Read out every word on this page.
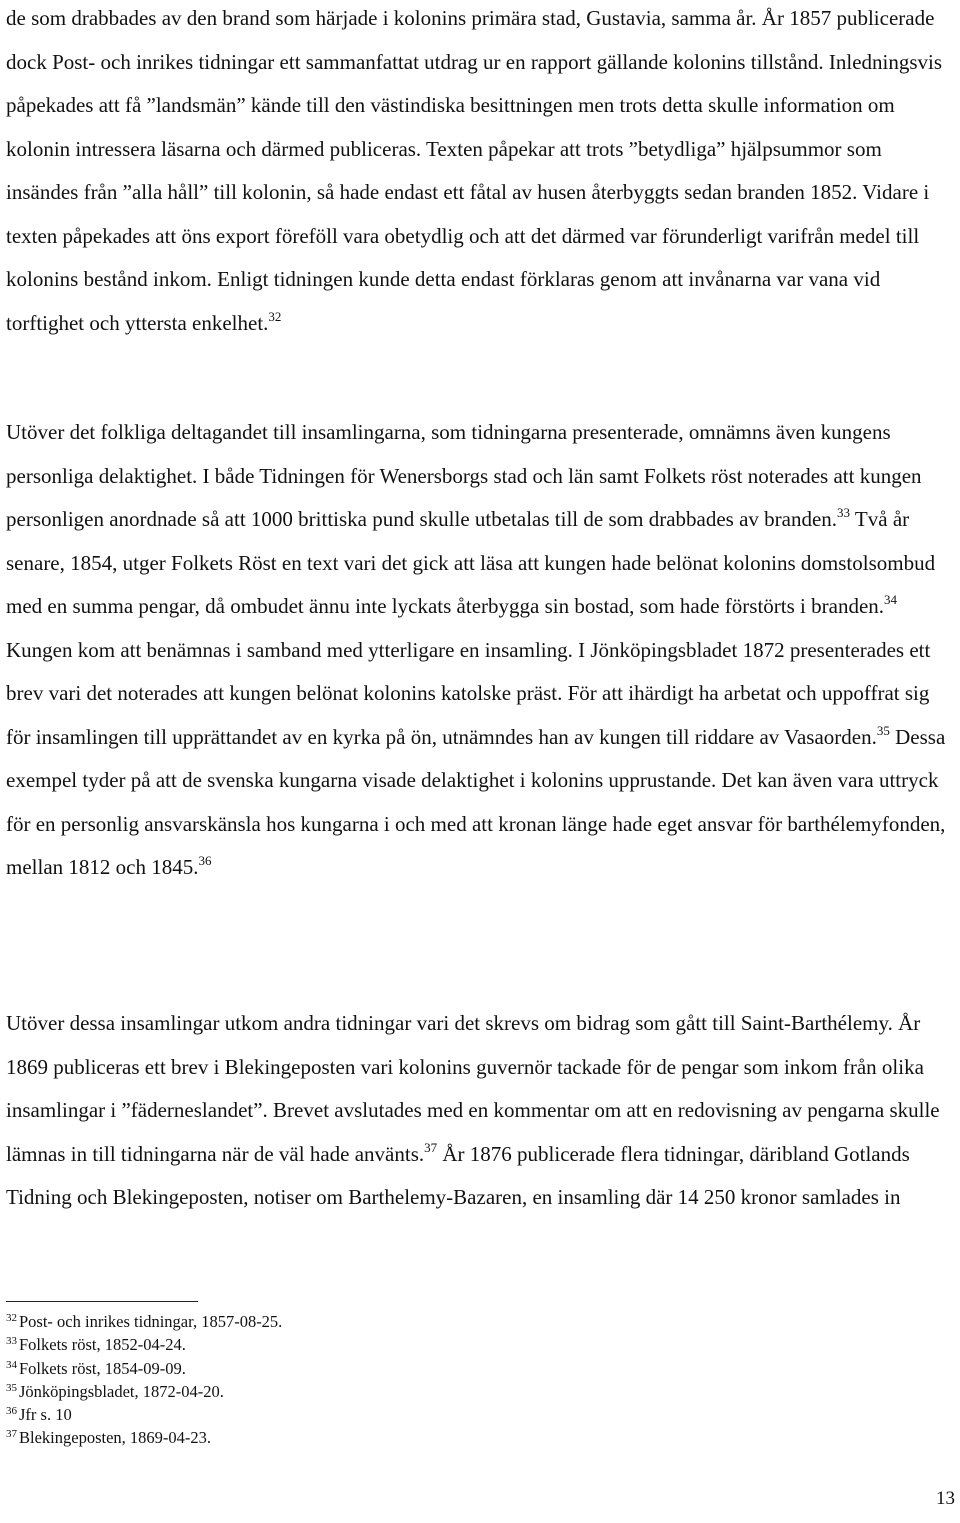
de som drabbades av den brand som härjade i kolonins primära stad, Gustavia, samma år. År 1857 publicerade dock Post- och inrikes tidningar ett sammanfattat utdrag ur en rapport gällande kolonins tillstånd. Inledningsvis påpekades att få ”landsmän” kände till den västindiska besittningen men trots detta skulle information om kolonin intressera läsarna och därmed publiceras. Texten påpekar att trots ”betydliga” hjälpsummor som insändes från ”alla håll” till kolonin, så hade endast ett fåtal av husen återbyggts sedan branden 1852. Vidare i texten påpekades att öns export föreföll vara obetydlig och att det därmed var förunderligt varifrån medel till kolonins bestånd inkom. Enligt tidningen kunde detta endast förklaras genom att invånarna var vana vid torftighet och yttersta enkelhet.$^{32}$

Utöver det folkliga deltagandet till insamlingarna, som tidningarna presenterade, omnämns även kungens personliga delaktighet. I både Tidningen för Wenersborgs stad och län samt Folkets röst noterades att kungen personligen anordnade så att 1000 brittiska pund skulle utbetalas till de som drabbades av branden.$^{33}$ Två år senare, 1854, utger Folkets Röst en text vari det gick att läsa att kungen hade belönat kolonins domstolsombud med en summa pengar, då ombudet ännu inte lyckats återbygga sin bostad, som hade förstörts i branden.$^{34}$ Kungen kom att benämnas i samband med ytterligare en insamling. I Jönköpingsbladet 1872 presenterades ett brev vari det noterades att kungen belönat kolonins katolske präst. För att ihärdigt ha arbetat och uppoffrat sig för insamlingen till upprättandet av en kyrka på ön, utnämndes han av kungen till riddare av Vasaorden.$^{35}$ Dessa exempel tyder på att de svenska kungarna visade delaktighet i kolonins upprustande. Det kan även vara uttryck för en personlig ansvarskänsla hos kungarna i och med att kronan länge hade eget ansvar för barthélemyfonden, mellan 1812 och 1845.36

Utöver dessa insamlingar utkom andra tidningar vari det skrevs om bidrag som gått till Saint-Barthélemy. År 1869 publiceras ett brev i Blekingeposten vari kolonins guvernör tackade för de pengar som inkom från olika insamlingar i ”fäderneslandet”. Brevet avslutades med en kommentar om att en redovisning av pengarna skulle lämnas in till tidningarna när de väl hade använts.$^{37}$ År 1876 publicerade flera tidningar, däribland Gotlands Tidning och Blekingeposten, notiser om Barthelemy-Bazaren, en insamling där 14 250 kronor samlades in

$^{32}$ Post- och inrikes tidningar, 1857-08-25.

$^{33}$ Folkets röst, 1852-04-24.

$^{34}$ Folkets röst, 1854-09-09.

$^{35}$ Jönköpingsbladet, 1872-04-20.

$^{36}$ Jfr s. 10

$^{37}$ Blekingeposten, 1869-04-23.

13
